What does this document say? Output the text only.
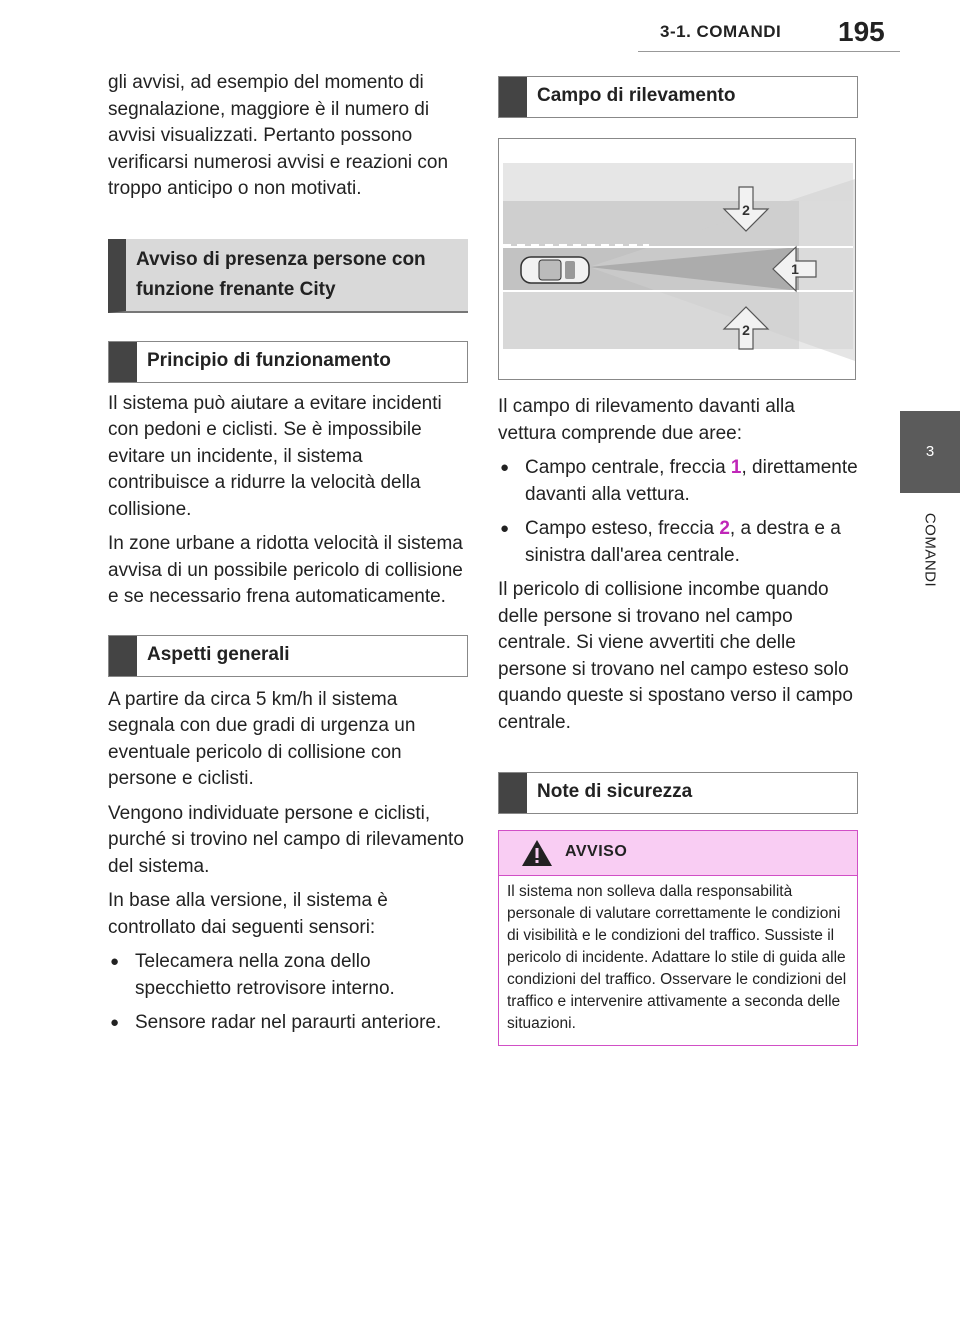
3-1. COMANDI 195
3
COMANDI

gli avvisi, ad esempio del momento di segnalazione, maggiore è il numero di avvisi visualizzati. Pertanto possono verificarsi numerosi avvisi e reazioni con troppo anticipo o non motivati.

Avviso di presenza persone con funzione frenante City
Principio di funzionamento

Il sistema può aiutare a evitare incidenti con pedoni e ciclisti. Se è impossibile evitare un incidente, il sistema contribuisce a ridurre la velocità della collisione.

In zone urbane a ridotta velocità il sistema avvisa di un possibile pericolo di collisione e se necessario frena automaticamente.

Aspetti generali

A partire da circa 5 km/h il sistema segnala con due gradi di urgenza un eventuale pericolo di collisione con persone e ciclisti.

Vengono individuate persone e ciclisti, purché si trovino nel campo di rilevamento del sistema.

In base alla versione, il sistema è controllato dai seguenti sensori:

● Telecamera nella zona dello specchietto retrovisore interno.

● Sensore radar nel paraurti anteriore.

Campo di rilevamento
2
1
2

Il campo di rilevamento davanti alla vettura comprende due aree:

● Campo centrale, freccia 1, direttamente davanti alla vettura.

● Campo esteso, freccia 2, a destra e a sinistra dall'area centrale.

Il pericolo di collisione incombe quando delle persone si trovano nel campo centrale. Si viene avvertiti che delle persone si trovano nel campo esteso solo quando queste si spostano verso il campo centrale.

Note di sicurezza
AVVISO
Il sistema non solleva dalla responsabilità personale di valutare correttamente le condizioni di visibilità e le condizioni del traffico. Sussiste il pericolo di incidente. Adattare lo stile di guida alle condizioni del traffico. Osservare le condizioni del traffico e intervenire attivamente a seconda delle situazioni.
